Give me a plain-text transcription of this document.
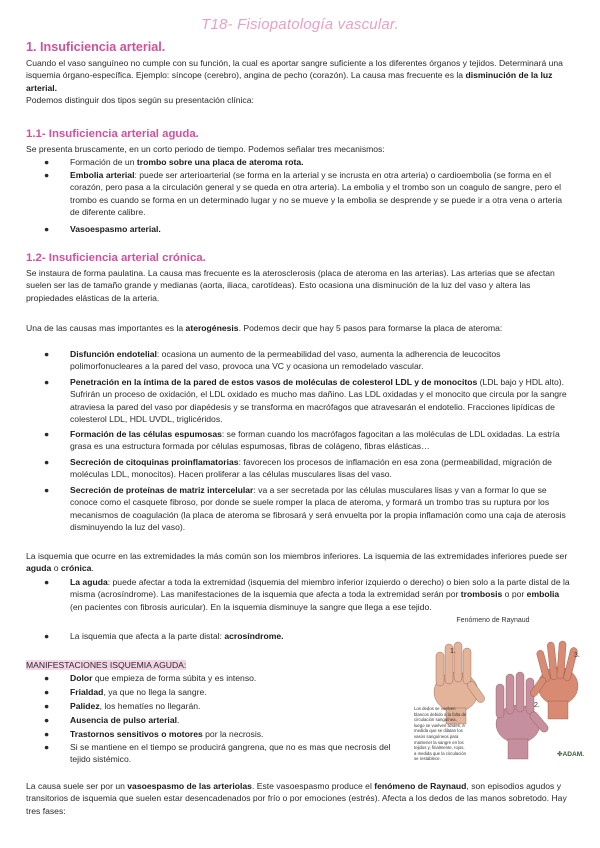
T18- Fisiopatología vascular.
1. Insuficiencia arterial.
Cuando el vaso sanguíneo no cumple con su función, la cual es aportar sangre suficiente a los diferentes órganos y tejidos. Determinará una isquemia órgano-específica. Ejemplo: síncope (cerebro), angina de pecho (corazón). La causa mas frecuente es la disminución de la luz arterial.
Podemos distinguir dos tipos según su presentación clínica:
1.1- Insuficiencia arterial aguda.
Se presenta bruscamente, en un corto periodo de tiempo. Podemos señalar tres mecanismos:
● Formación de un trombo sobre una placa de ateroma rota.
● Embolia arterial: puede ser arterioarterial (se forma en la arterial y se incrusta en otra arteria) o cardioembolia (se forma en el corazón, pero pasa a la circulación general y se queda en otra arteria). La embolia y el trombo son un coagulo de sangre, pero el trombo es cuando se forma en un determinado lugar y no se mueve y la embolia se desprende y se puede ir a otra vena o arteria de diferente calibre.
● Vasoespasmo arterial.
1.2- Insuficiencia arterial crónica.
Se instaura de forma paulatina. La causa mas frecuente es la aterosclerosis (placa de ateroma en las arterias). Las arterias que se afectan suelen ser las de tamaño grande y medianas (aorta, iliaca, carotídeas). Esto ocasiona una disminución de la luz del vaso y altera las propiedades elásticas de la arteria.
Una de las causas mas importantes es la aterogénesis. Podemos decir que hay 5 pasos para formarse la placa de ateroma:
● Disfunción endotelial: ocasiona un aumento de la permeabilidad del vaso, aumenta la adherencia de leucocitos polimorfonucleares a la pared del vaso, provoca una VC y ocasiona un remodelado vascular.
● Penetración en la íntima de la pared de estos vasos de moléculas de colesterol LDL y de monocitos (LDL bajo y HDL alto). Sufrirán un proceso de oxidación, el LDL oxidado es mucho mas dañino. Las LDL oxidadas y el monocito que circula por la sangre atraviesa la pared del vaso por diapédesis y se transforma en macrófagos que atravesarán el endotelio. Fracciones lipídicas de colesterol LDL, HDL UVDL, triglicéridos.
● Formación de las células espumosas: se forman cuando los macrófagos fagocitan a las moléculas de LDL oxidadas. La estría grasa es una estructura formada por células espumosas, fibras de colágeno, fibras elásticas…
● Secreción de citoquinas proinflamatorias: favorecen los procesos de inflamación en esa zona (permeabilidad, migración de moléculas LDL, monocitos). Hacen proliferar a las células musculares lisas del vaso.
● Secreción de proteínas de matriz intercelular: va a ser secretada por las células musculares lisas y van a formar lo que se conoce como el casquete fibroso, por donde se suele romper la placa de ateroma, y formará un trombo tras su ruptura por los mecanismos de coagulación (la placa de ateroma se fibrosará y será envuelta por la propia inflamación como una caja de aterosis disminuyendo la luz del vaso).
La isquemia que ocurre en las extremidades la más común son los miembros inferiores. La isquemia de las extremidades inferiores puede ser aguda o crónica.
● La aguda: puede afectar a toda la extremidad (isquemia del miembro inferior izquierdo o derecho) o bien solo a la parte distal de la misma (acrosíndrome). Las manifestaciones de la isquemia que afecta a toda la extremidad serán por trombosis o por embolia (en pacientes con fibrosis auricular). En la isquemia disminuye la sangre que llega a ese tejido.
● La isquemia que afecta a la parte distal: acrosíndrome.
MANIFESTACIONES ISQUEMIA AGUDA:
● Dolor que empieza de forma súbita y es intenso.
● Frialdad, ya que no llega la sangre.
● Palidez, los hematíes no llegarán.
● Ausencia de pulso arterial.
● Trastornos sensitivos o motores por la necrosis.
● Si se mantiene en el tiempo se producirá gangrena, que no es mas que necrosis del tejido sistémico.
La causa suele ser por un vasoespasmo de las arteriolas. Este vasoespasmo produce el fenómeno de Raynaud, son episodios agudos y transitorios de isquemia que suelen estar desencadenados por frío o por emociones (estrés). Afecta a los dedos de las manos sobretodo. Hay tres fases:
Fenómeno de Raynaud
1.
2.
3.
Los dedos se vuelven blancos debido a la falta de circulación sanguínea, luego se vuelven azules, a medida que se dilatan los vasos sanguíneos para mantener la sangre en los tejidos y, finalmente, rojos, a medida que la circulación se restablece.
✤ADAM.
